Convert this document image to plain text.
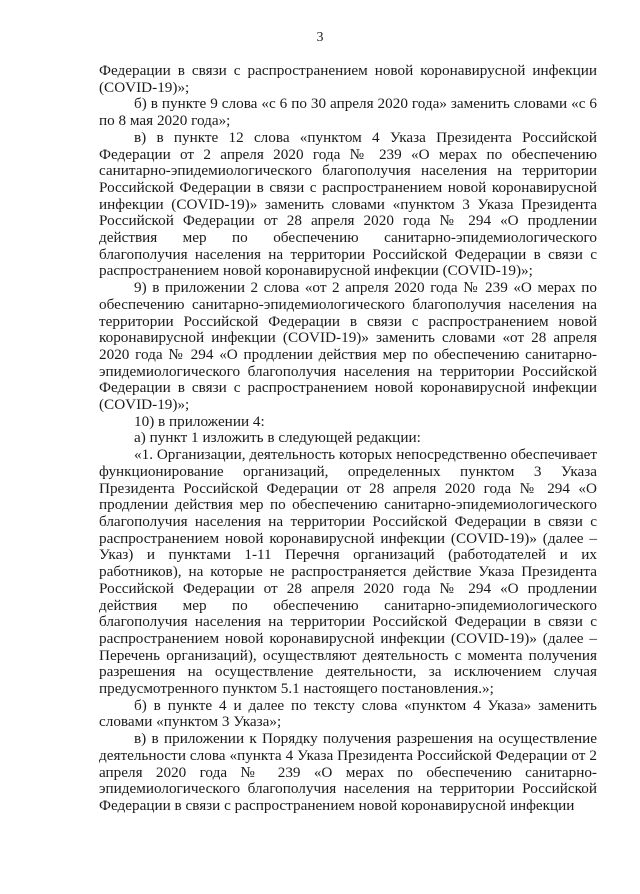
3

Федерации в связи с распространением новой коронавирусной инфекции (COVID-19)»;

б) в пункте 9 слова «с 6 по 30 апреля 2020 года» заменить словами «с 6 по 8 мая 2020 года»;

в) в пункте 12 слова «пунктом 4 Указа Президента Российской Федерации от 2 апреля 2020 года № 239 «О мерах по обеспечению санитарно-эпидемиологического благополучия населения на территории Российской Федерации в связи с распространением новой коронавирусной инфекции (COVID-19)» заменить словами «пунктом 3 Указа Президента Российской Федерации от 28 апреля 2020 года № 294 «О продлении действия мер по обеспечению санитарно-эпидемиологического благополучия населения на территории Российской Федерации в связи с распространением новой коронавирусной инфекции (COVID-19)»;

9) в приложении 2 слова «от 2 апреля 2020 года № 239 «О мерах по обеспечению санитарно-эпидемиологического благополучия населения на территории Российской Федерации в связи с распространением новой коронавирусной инфекции (COVID-19)» заменить словами «от 28 апреля 2020 года № 294 «О продлении действия мер по обеспечению санитарно-эпидемиологического благополучия населения на территории Российской Федерации в связи с распространением новой коронавирусной инфекции (COVID-19)»;

10) в приложении 4:

а) пункт 1 изложить в следующей редакции:

«1. Организации, деятельность которых непосредственно обеспечивает функционирование организаций, определенных пунктом 3 Указа Президента Российской Федерации от 28 апреля 2020 года № 294 «О продлении действия мер по обеспечению санитарно-эпидемиологического благополучия населения на территории Российской Федерации в связи с распространением новой коронавирусной инфекции (COVID-19)» (далее – Указ) и пунктами 1-11 Перечня организаций (работодателей и их работников), на которые не распространяется действие Указа Президента Российской Федерации от 28 апреля 2020 года № 294 «О продлении действия мер по обеспечению санитарно-эпидемиологического благополучия населения на территории Российской Федерации в связи с распространением новой коронавирусной инфекции (COVID-19)» (далее – Перечень организаций), осуществляют деятельность с момента получения разрешения на осуществление деятельности, за исключением случая предусмотренного пунктом 5.1 настоящего постановления.»;

б) в пункте 4 и далее по тексту слова «пунктом 4 Указа» заменить словами «пунктом 3 Указа»;

в) в приложении к Порядку получения разрешения на осуществление деятельности слова «пункта 4 Указа Президента Российской Федерации от 2 апреля 2020 года № 239 «О мерах по обеспечению санитарно-эпидемиологического благополучия населения на территории Российской Федерации в связи с распространением новой коронавирусной инфекции
